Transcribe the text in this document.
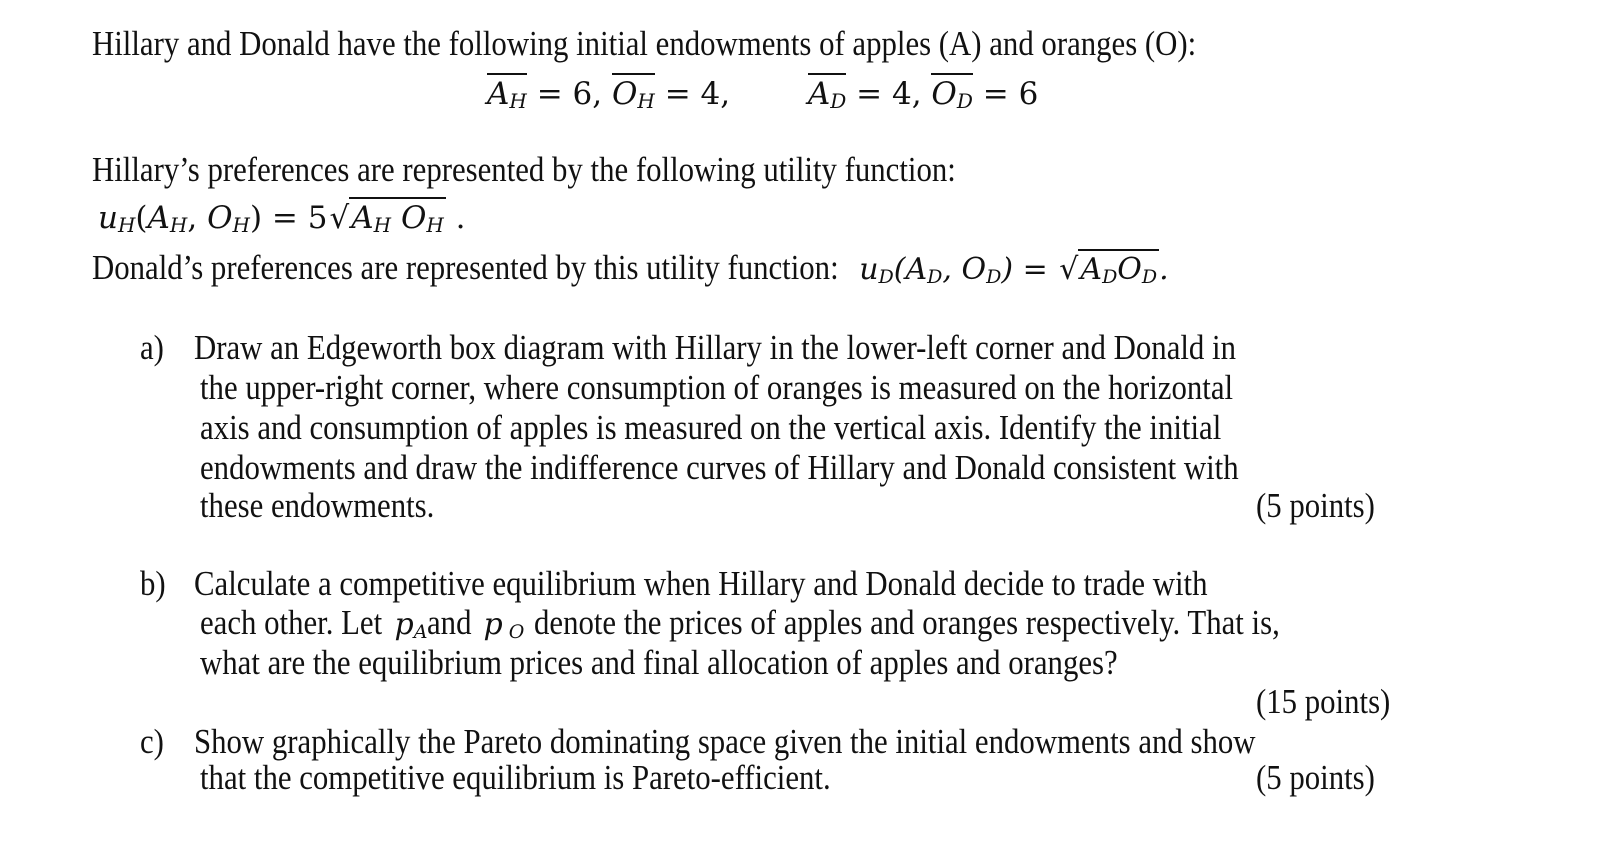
Hillary and Donald have the following initial endowments of apples (A) and oranges (O):
$A_H = 6$, $O_H = 4$,	$A_D = 4$, $O_D = 6$
Hillary’s preferences are represented by the following utility function:
$u_H(A_H$, $O_H) = 5√A_H$ $O_H$ .
Donald’s preferences are represented by this utility function: $u_D(A_D$, $O_D) = √A_DO_D$.
a) Draw an Edgeworth box diagram with Hillary in the lower-left corner and Donald in
the upper-right corner, where consumption of oranges is measured on the horizontal
axis and consumption of apples is measured on the vertical axis. Identify the initial
endowments and draw the indifference curves of Hillary and Donald consistent with
these endowments.	(5 points)
b) Calculate a competitive equilibrium when Hillary and Donald decide to trade with
each other. Let $p_Aand$ p $_O$ denote the prices of apples and oranges respectively. That is,
what are the equilibrium prices and final allocation of apples and oranges?
(15 points)
c) Show graphically the Pareto dominating space given the initial endowments and show
that the competitive equilibrium is Pareto-efficient.	(5 points)
